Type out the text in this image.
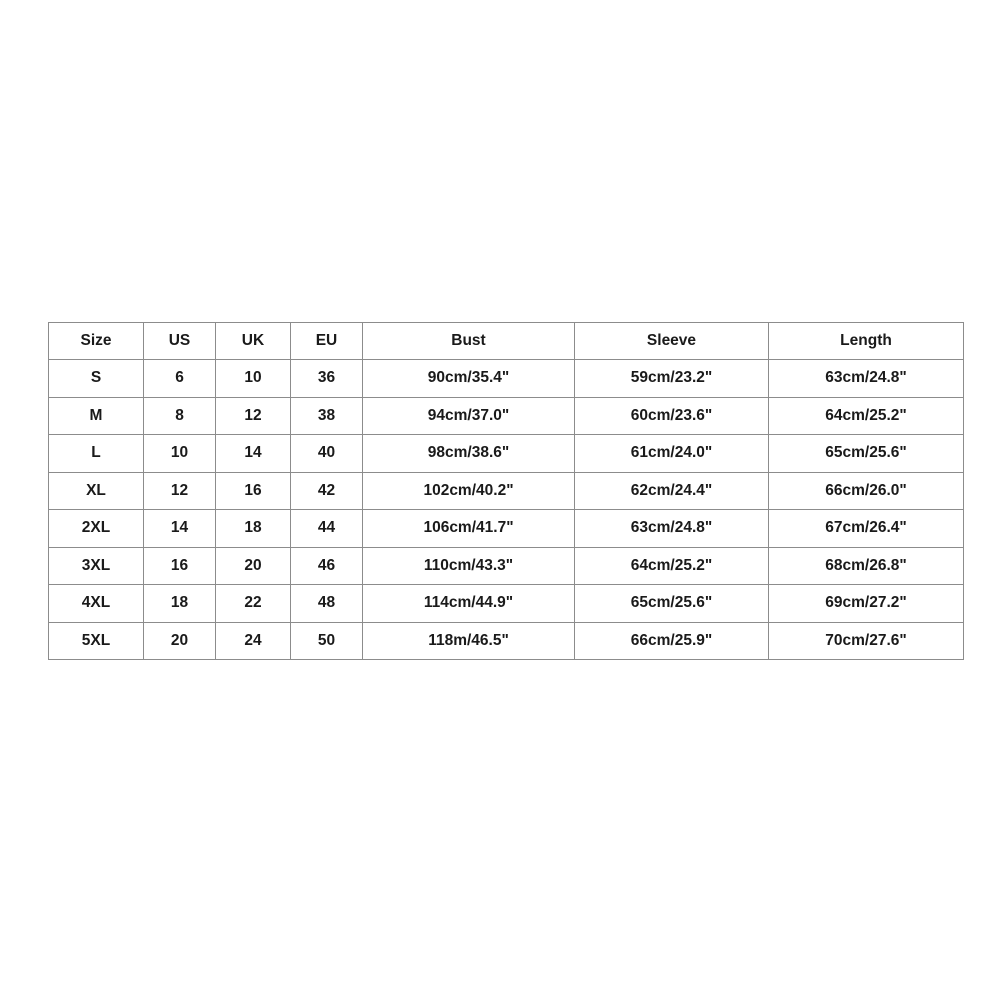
Size	US	UK	EU	Bust	Sleeve	Length
S	6	10	36	90cm/35.4"	59cm/23.2"	63cm/24.8"
M	8	12	38	94cm/37.0"	60cm/23.6"	64cm/25.2"
L	10	14	40	98cm/38.6"	61cm/24.0"	65cm/25.6"
XL	12	16	42	102cm/40.2"	62cm/24.4"	66cm/26.0"
2XL	14	18	44	106cm/41.7"	63cm/24.8"	67cm/26.4"
3XL	16	20	46	110cm/43.3"	64cm/25.2"	68cm/26.8"
4XL	18	22	48	114cm/44.9"	65cm/25.6"	69cm/27.2"
5XL	20	24	50	118m/46.5"	66cm/25.9"	70cm/27.6"
